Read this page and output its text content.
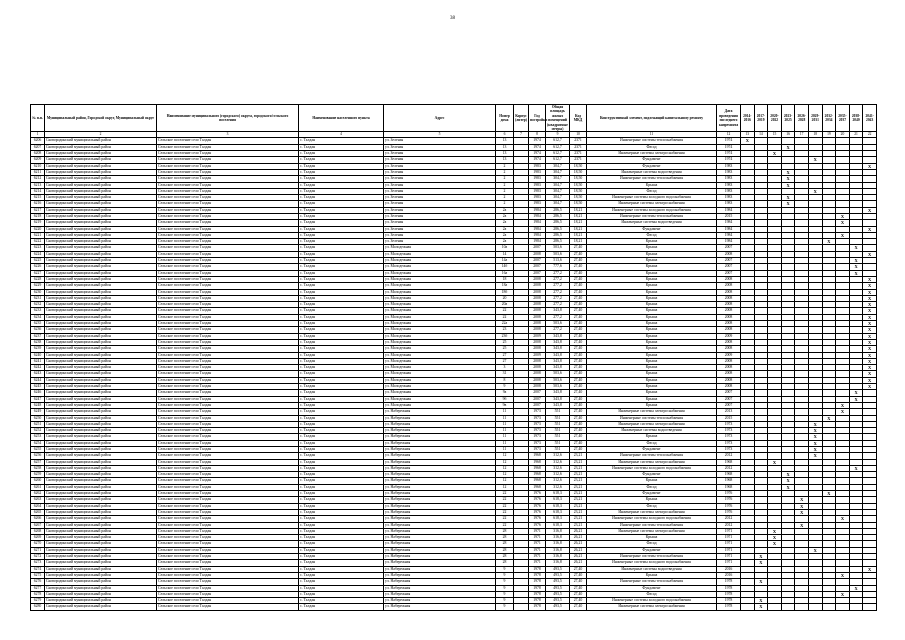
38
№ п.п.	Муниципальный район, Городской округ, Муниципальный округ	Наименование муниципального (городского) округа, городского/сельского поселения	Наименование населенного пункта	Адрес	Номер дома	Корпус (литер)	Год постройки	Общая площадь жилых помещений (квадратные метры)	Код МКД	Конструктивный элемент, подлежащий капитальному ремонту	Дата проведения последнего капремонта	2014-2016	2017-2019	2020-2022	2023-2025	2026-2028	2029-2031	2032-2034	2035-2037	2038-2040	2041-2043
1	2	3	4	5	6	7	8	9	10	11	12	13	14	15	16	17	18	19	20	21	22
6206	Сковородинский муниципальный район	Сельское поселение село Талдан	с. Талдан	ул. Зеленая	13		1974	612,7	2371	Инженерные системы теплоснабжения	1974	X									
6207	Сковородинский муниципальный район	Сельское поселение село Талдан	с. Талдан	ул. Зеленая	13		1974	612,7	2371	Фасад	1974				X						
6208	Сковородинский муниципальный район	Сельское поселение село Талдан	с. Талдан	ул. Зеленая	13		1974	612,7	2371	Инженерные системы электроснабжения	1974			X							
6209	Сковородинский муниципальный район	Сельское поселение село Талдан	с. Талдан	ул. Зеленая	13		1974	612,7	2371	Фундамент	1974						X				
6210	Сковородинский муниципальный район	Сельское поселение село Талдан	с. Талдан	ул. Зеленая	2		1983	304,7	18,50	Фундамент	1983										X
6211	Сковородинский муниципальный район	Сельское поселение село Талдан	с. Талдан	ул. Зеленая	2		1983	304,7	18,50	Инженерные системы водоотведения	1983				X						
6212	Сковородинский муниципальный район	Сельское поселение село Талдан	с. Талдан	ул. Зеленая	2		1983	304,7	18,50	Инженерные системы теплоснабжения	1983				X						
6213	Сковородинский муниципальный район	Сельское поселение село Талдан	с. Талдан	ул. Зеленая	2		1983	304,7	18,50	Крыша	1983				X						
6214	Сковородинский муниципальный район	Сельское поселение село Талдан	с. Талдан	ул. Зеленая	2		1983	304,7	18,50	Фасад	1983						X				
6215	Сковородинский муниципальный район	Сельское поселение село Талдан	с. Талдан	ул. Зеленая	2		1983	304,7	18,50	Инженерные системы холодного водоснабжения	1983				X						
6216	Сковородинский муниципальный район	Сельское поселение село Талдан	с. Талдан	ул. Зеленая	2		1983	304,7	18,50	Инженерные системы электроснабжения	1983				X						
6217	Сковородинский муниципальный район	Сельское поселение село Талдан	с. Талдан	ул. Зеленая	2а		1984	286,5	18,21	Инженерные системы холодного водоснабжения	1984										X
6218	Сковородинский муниципальный район	Сельское поселение село Талдан	с. Талдан	ул. Зеленая	2а		1984	286,5	18,21	Инженерные системы теплоснабжения	2015								X		
6219	Сковородинский муниципальный район	Сельское поселение село Талдан	с. Талдан	ул. Зеленая	2а		1984	286,5	18,21	Инженерные системы водоотведения	1984								X		
6220	Сковородинский муниципальный район	Сельское поселение село Талдан	с. Талдан	ул. Зеленая	2а		1984	286,5	18,21	Фундамент	1984										X
6221	Сковородинский муниципальный район	Сельское поселение село Талдан	с. Талдан	ул. Зеленая	2а		1984	286,5	18,21	Фасад	1984								X		
6222	Сковородинский муниципальный район	Сельское поселение село Талдан	с. Талдан	ул. Зеленая	2а		1984	286,5	18,21	Крыша	1984							X			
6223	Сковородинский муниципальный район	Сельское поселение село Талдан	с. Талдан	ул. Молодежная	10а		2007	503,6	27,40	Крыша	2007									X	
6224	Сковородинский муниципальный район	Сельское поселение село Талдан	с. Талдан	ул. Молодежная	14		2008	503,6	27,40	Крыша	2008										X
6225	Сковородинский муниципальный район	Сельское поселение село Талдан	с. Талдан	ул. Молодежная	14а		2007	513,6	27,40	Крыша	2007									X	
6226	Сковородинский муниципальный район	Сельское поселение село Талдан	с. Талдан	ул. Молодежная	14б		2007	777,6	27,40	Крыша	2007									X	
6227	Сковородинский муниципальный район	Сельское поселение село Талдан	с. Талдан	ул. Молодежная	16а		2007	277,2	27,40	Крыша	2007									X	
6228	Сковородинский муниципальный район	Сельское поселение село Талдан	с. Талдан	ул. Молодежная	18		2008	277,2	27,40	Крыша	2008										X
6229	Сковородинский муниципальный район	Сельское поселение село Талдан	с. Талдан	ул. Молодежная	18а		2008	277,2	27,40	Крыша	2008										X
6230	Сковородинский муниципальный район	Сельское поселение село Талдан	с. Талдан	ул. Молодежная	18б		2008	277,2	27,40	Крыша	2008										X
6231	Сковородинский муниципальный район	Сельское поселение село Талдан	с. Талдан	ул. Молодежная	20		2008	277,2	27,40	Крыша	2008										X
6232	Сковородинский муниципальный район	Сельское поселение село Талдан	с. Талдан	ул. Молодежная	20а		2008	277,2	27,40	Крыша	2008										X
6233	Сковородинский муниципальный район	Сельское поселение село Талдан	с. Талдан	ул. Молодежная	22		2008	343,8	27,40	Крыша	2008										X
6234	Сковородинский муниципальный район	Сельское поселение село Талдан	с. Талдан	ул. Молодежная	22		2008	277,2	27,40	Крыша	2008										X
6235	Сковородинский муниципальный район	Сельское поселение село Талдан	с. Талдан	ул. Молодежная	22а		2008	503,6	27,40	Крыша	2008										X
6236	Сковородинский муниципальный район	Сельское поселение село Талдан	с. Талдан	ул. Молодежная	23		2008	277,2	27,40	Крыша	2008										X
6237	Сковородинский муниципальный район	Сельское поселение село Талдан	с. Талдан	ул. Молодежная	23б		2009	343,8	27,40	Крыша	2009										X
6238	Сковородинский муниципальный район	Сельское поселение село Талдан	с. Талдан	ул. Молодежная	25		2008	343,8	27,40	Крыша	2008										X
6239	Сковородинский муниципальный район	Сельское поселение село Талдан	с. Талдан	ул. Молодежная	25		2008	343,8	27,40	Крыша	2008										X
6240	Сковородинский муниципальный район	Сельское поселение село Талдан	с. Талдан	ул. Молодежная	27		2009	343,8	27,40	Крыша	2009										X
6241	Сковородинский муниципальный район	Сельское поселение село Талдан	с. Талдан	ул. Молодежная	27		2008	343,8	27,40	Крыша	2008										X
6242	Сковородинский муниципальный район	Сельское поселение село Талдан	с. Талдан	ул. Молодежная	3		2008	343,8	27,40	Крыша	2008										X
6243	Сковородинский муниципальный район	Сельское поселение село Талдан	с. Талдан	ул. Молодежная	31		2008	503,6	27,40	Крыша	2008										X
6244	Сковородинский муниципальный район	Сельское поселение село Талдан	с. Талдан	ул. Молодежная	8		2008	503,6	27,40	Крыша	2008										X
6245	Сковородинский муниципальный район	Сельское поселение село Талдан	с. Талдан	ул. Молодежная	9		2008	503,6	27,40	Крыша	2008										X
6246	Сковородинский муниципальный район	Сельское поселение село Талдан	с. Талдан	ул. Молодежная	9а		2007	343,8	27,40	Крыша	2007									X	
6247	Сковородинский муниципальный район	Сельское поселение село Талдан	с. Талдан	ул. Молодежная	9б		2007	343,8	27,40	Крыша	2007									X	
6248	Сковородинский муниципальный район	Сельское поселение село Талдан	с. Талдан	ул. Молодежная	9в		2007	343,8	27,40	Крыша	2007								X		
6249	Сковородинский муниципальный район	Сельское поселение село Талдан	с. Талдан	ул. Набережная	11		1973	551	27,40	Инженерные системы электроснабжения	2013								X		
6250	Сковородинский муниципальный район	Сельское поселение село Талдан	с. Талдан	ул. Набережная	11		1973	551	27,40	Инженерные системы теплоснабжения	2015							X			
6251	Сковородинский муниципальный район	Сельское поселение село Талдан	с. Талдан	ул. Набережная	11		1973	551	27,40	Инженерные системы электроснабжения	1973						X				
6252	Сковородинский муниципальный район	Сельское поселение село Талдан	с. Талдан	ул. Набережная	11		1973	551	27,40	Инженерные системы водоотведения	1973						X				
6253	Сковородинский муниципальный район	Сельское поселение село Талдан	с. Талдан	ул. Набережная	11		1973	551	27,40	Крыша	1973						X				
6254	Сковородинский муниципальный район	Сельское поселение село Талдан	с. Талдан	ул. Набережная	11		1973	551	27,40	Фасад	1973						X				
6255	Сковородинский муниципальный район	Сельское поселение село Талдан	с. Талдан	ул. Набережная	11		1973	551	27,40	Фундамент	1973						X				
6256	Сковородинский муниципальный район	Сельское поселение село Талдан	с. Талдан	ул. Набережная	12		1968	312,6	23,21	Инженерные системы теплоснабжения	2012						X				
6257	Сковородинский муниципальный район	Сельское поселение село Талдан	с. Талдан	ул. Набережная	12		1968	312,6	23,21	Инженерные системы электроснабжения	1968			X							
6258	Сковородинский муниципальный район	Сельское поселение село Талдан	с. Талдан	ул. Набережная	12		1968	312,6	23,21	Инженерные системы холодного водоснабжения	2012									X	
6259	Сковородинский муниципальный район	Сельское поселение село Талдан	с. Талдан	ул. Набережная	12		1968	312,6	23,21	Фундамент	1968				X						
6260	Сковородинский муниципальный район	Сельское поселение село Талдан	с. Талдан	ул. Набережная	12		1968	312,6	23,21	Крыша	1968				X						
6261	Сковородинский муниципальный район	Сельское поселение село Талдан	с. Талдан	ул. Набережная	12		1968	312,6	23,21	Фасад	1968				X						
6262	Сковородинский муниципальный район	Сельское поселение село Талдан	с. Талдан	ул. Набережная	22		1976	618,3	23,21	Фундамент	1976							X			
6263	Сковородинский муниципальный район	Сельское поселение село Талдан	с. Талдан	ул. Набережная	22		1976	618,3	23,21	Крыша	1976					X					
6264	Сковородинский муниципальный район	Сельское поселение село Талдан	с. Талдан	ул. Набережная	22		1976	618,3	23,21	Фасад	1976					X					
6265	Сковородинский муниципальный район	Сельское поселение село Талдан	с. Талдан	ул. Набережная	22		1976	618,3	23,21	Инженерные системы электроснабжения	1976					X					
6266	Сковородинский муниципальный район	Сельское поселение село Талдан	с. Талдан	ул. Набережная	22		1976	618,3	23,21	Инженерные системы холодного водоснабжения	2012								X		
6267	Сковородинский муниципальный район	Сельское поселение село Талдан	с. Талдан	ул. Набережная	22		1976	618,3	23,21	Инженерные системы теплоснабжения	2012					X					
6268	Сковородинский муниципальный район	Сельское поселение село Талдан	с. Талдан	ул. Набережная	28		1971	316,8	26,21	Инженерные системы электроснабжения	1971			X							
6269	Сковородинский муниципальный район	Сельское поселение село Талдан	с. Талдан	ул. Набережная	28		1971	316,8	26,21	Крыша	1971			X							
6270	Сковородинский муниципальный район	Сельское поселение село Талдан	с. Талдан	ул. Набережная	28		1971	316,8	26,21	Фасад	1971			X							
6271	Сковородинский муниципальный район	Сельское поселение село Талдан	с. Талдан	ул. Набережная	28		1971	316,8	26,21	Фундамент	1971						X				
6272	Сковородинский муниципальный район	Сельское поселение село Талдан	с. Талдан	ул. Набережная	28		1971	316,8	26,21	Инженерные системы теплоснабжения	1971		X								
6273	Сковородинский муниципальный район	Сельское поселение село Талдан	с. Талдан	ул. Набережная	28		1971	316,8	26,21	Инженерные системы холодного водоснабжения	1971		X								
6274	Сковородинский муниципальный район	Сельское поселение село Талдан	с. Талдан	ул. Набережная	9		1978	493,5	27,40	Инженерные системы водоотведения	2016										X
6275	Сковородинский муниципальный район	Сельское поселение село Талдан	с. Талдан	ул. Набережная	9		1978	493,5	27,40	Крыша	2016								X		
6276	Сковородинский муниципальный район	Сельское поселение село Талдан	с. Талдан	ул. Набережная	9		1978	493,5	27,40	Инженерные системы теплоснабжения	1978		X								
6277	Сковородинский муниципальный район	Сельское поселение село Талдан	с. Талдан	ул. Набережная	9		1978	493,5	27,40	Фундамент	1978									X	
6278	Сковородинский муниципальный район	Сельское поселение село Талдан	с. Талдан	ул. Набережная	9		1978	493,5	27,40	Фасад	1978								X		
6279	Сковородинский муниципальный район	Сельское поселение село Талдан	с. Талдан	ул. Набережная	9		1978	493,5	27,40	Инженерные системы холодного водоснабжения	1978		X								
6280	Сковородинский муниципальный район	Сельское поселение село Талдан	с. Талдан	ул. Набережная	9		1978	493,5	27,40	Инженерные системы электроснабжения	1978		X								
